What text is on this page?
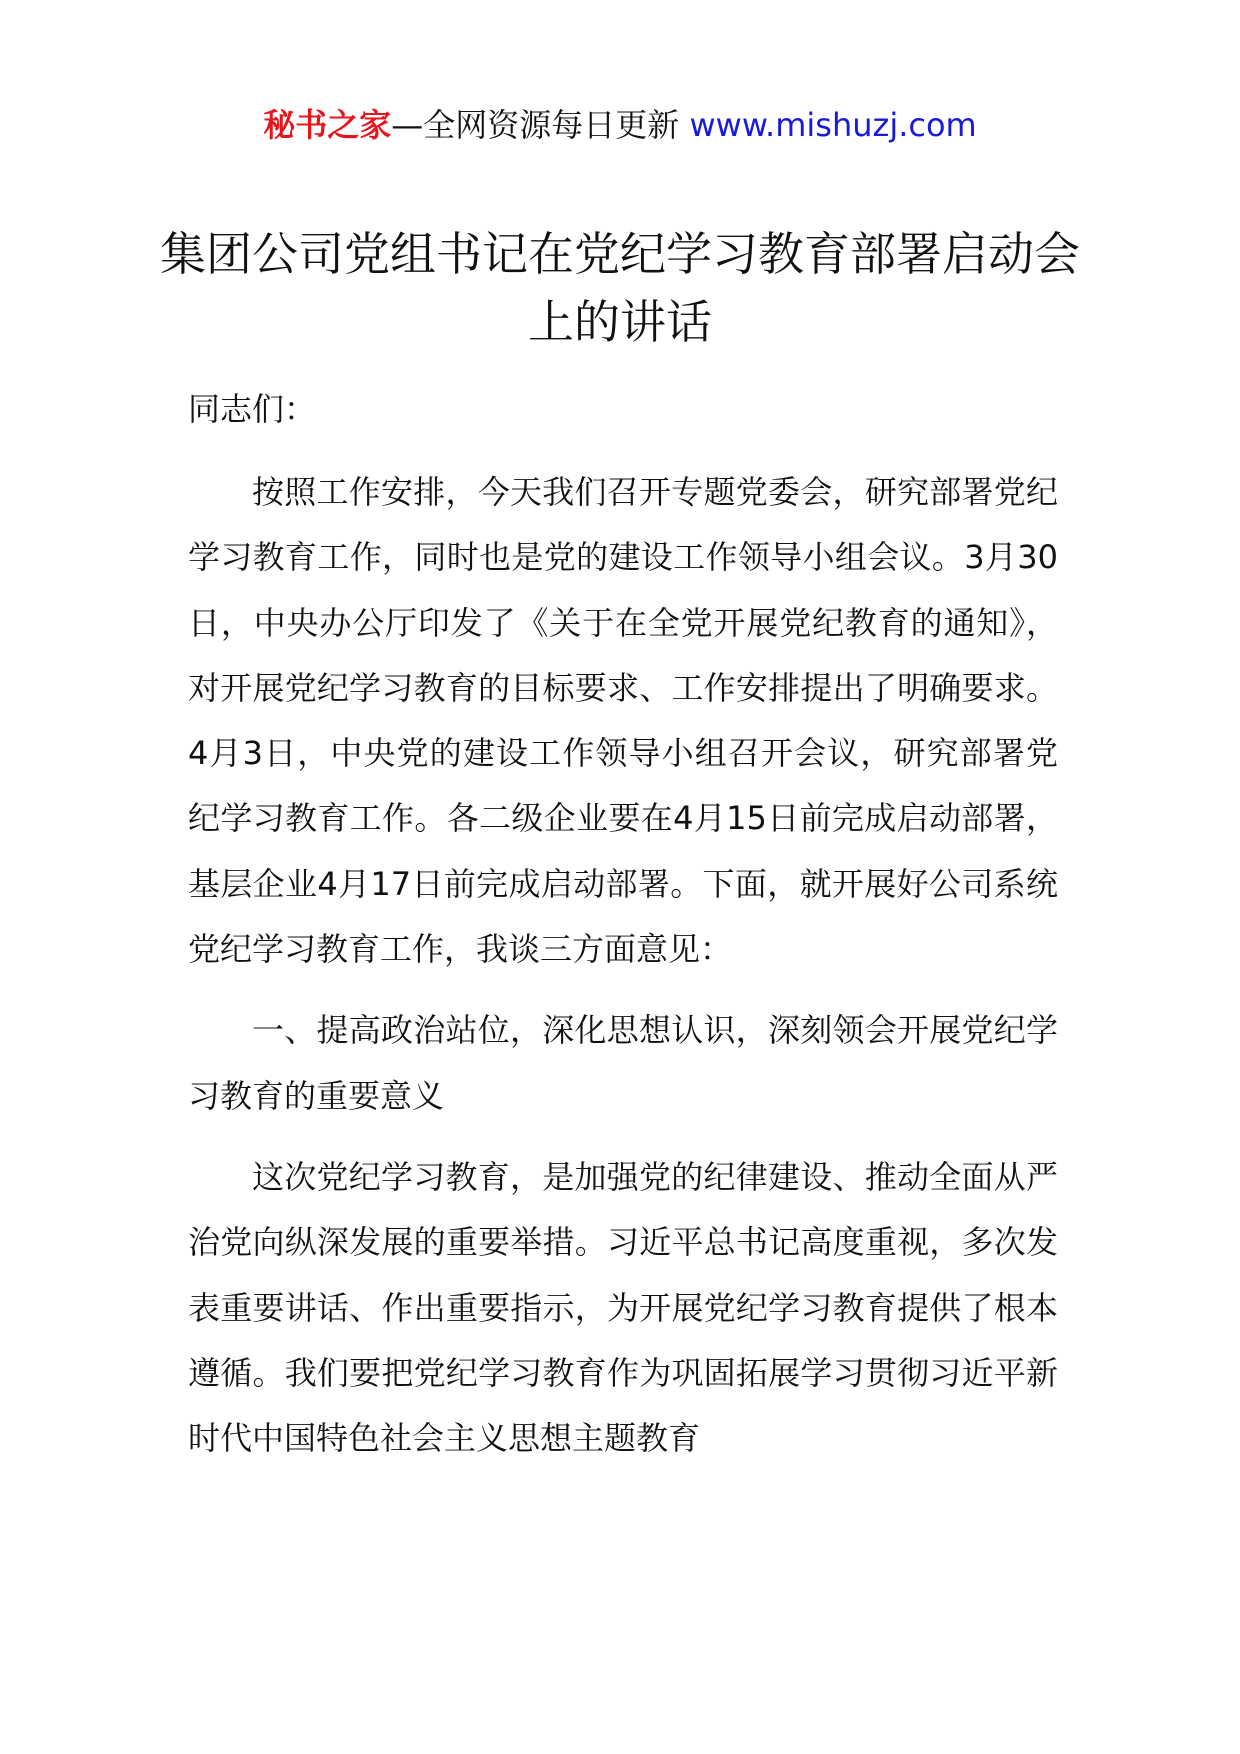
秘书之家—全网资源每日更新 www.mishuzj.com
集团公司党组书记在党纪学习教育部署启动会上的讲话
同志们：

按照工作安排，今天我们召开专题党委会，研究部署党纪学习教育工作，同时也是党的建设工作领导小组会议。3月30日，中央办公厅印发了《关于在全党开展党纪教育的通知》，对开展党纪学习教育的目标要求、工作安排提出了明确要求。4月3日，中央党的建设工作领导小组召开会议，研究部署党纪学习教育工作。各二级企业要在4月15日前完成启动部署，基层企业4月17日前完成启动部署。下面，就开展好公司系统党纪学习教育工作，我谈三方面意见：

一、提高政治站位，深化思想认识，深刻领会开展党纪学习教育的重要意义

这次党纪学习教育，是加强党的纪律建设、推动全面从严治党向纵深发展的重要举措。习近平总书记高度重视，多次发表重要讲话、作出重要指示，为开展党纪学习教育提供了根本遵循。我们要把党纪学习教育作为巩固拓展学习贯彻习近平新时代中国特色社会主义思想主题教育
